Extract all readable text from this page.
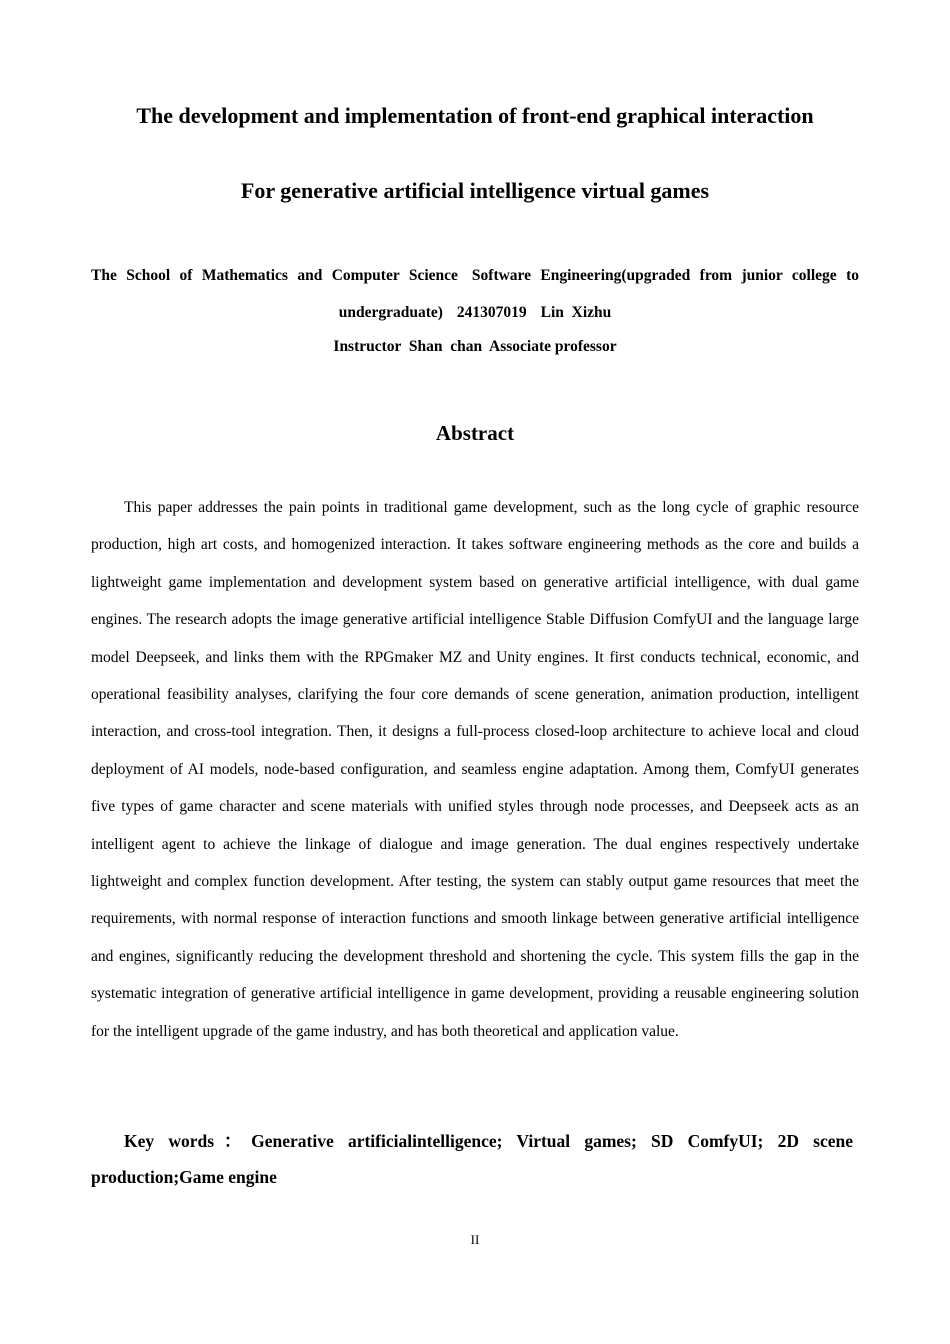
The development and implementation of front-end graphical interaction
For generative artificial intelligence virtual games
The School of Mathematics and Computer Science Software Engineering(upgraded from junior college to
undergraduate) 241307019 Lin  Xizhu
Instructor  Shan  chan  Associate professor
Abstract

This paper addresses the pain points in traditional game development, such as the long cycle of graphic resource production, high art costs, and homogenized interaction. It takes software engineering methods as the core and builds a lightweight game implementation and development system based on generative artificial intelligence, with dual game engines. The research adopts the image generative artificial intelligence Stable Diffusion ComfyUI and the language large model Deepseek, and links them with the RPGmaker MZ and Unity engines. It first conducts technical, economic, and operational feasibility analyses, clarifying the four core demands of scene generation, animation production, intelligent interaction, and cross-tool integration. Then, it designs a full-process closed-loop architecture to achieve local and cloud deployment of AI models, node-based configuration, and seamless engine adaptation. Among them, ComfyUI generates five types of game character and scene materials with unified styles through node processes, and Deepseek acts as an intelligent agent to achieve the linkage of dialogue and image generation. The dual engines respectively undertake lightweight and complex function development. After testing, the system can stably output game resources that meet the requirements, with normal response of interaction functions and smooth linkage between generative artificial intelligence and engines, significantly reducing the development threshold and shortening the cycle. This system fills the gap in the systematic integration of generative artificial intelligence in game development, providing a reusable engineering solution for the intelligent upgrade of the game industry, and has both theoretical and application value.

Key words：Generative artificialintelligence; Virtual games; SD ComfyUI; 2D scene production;Game engine

II
